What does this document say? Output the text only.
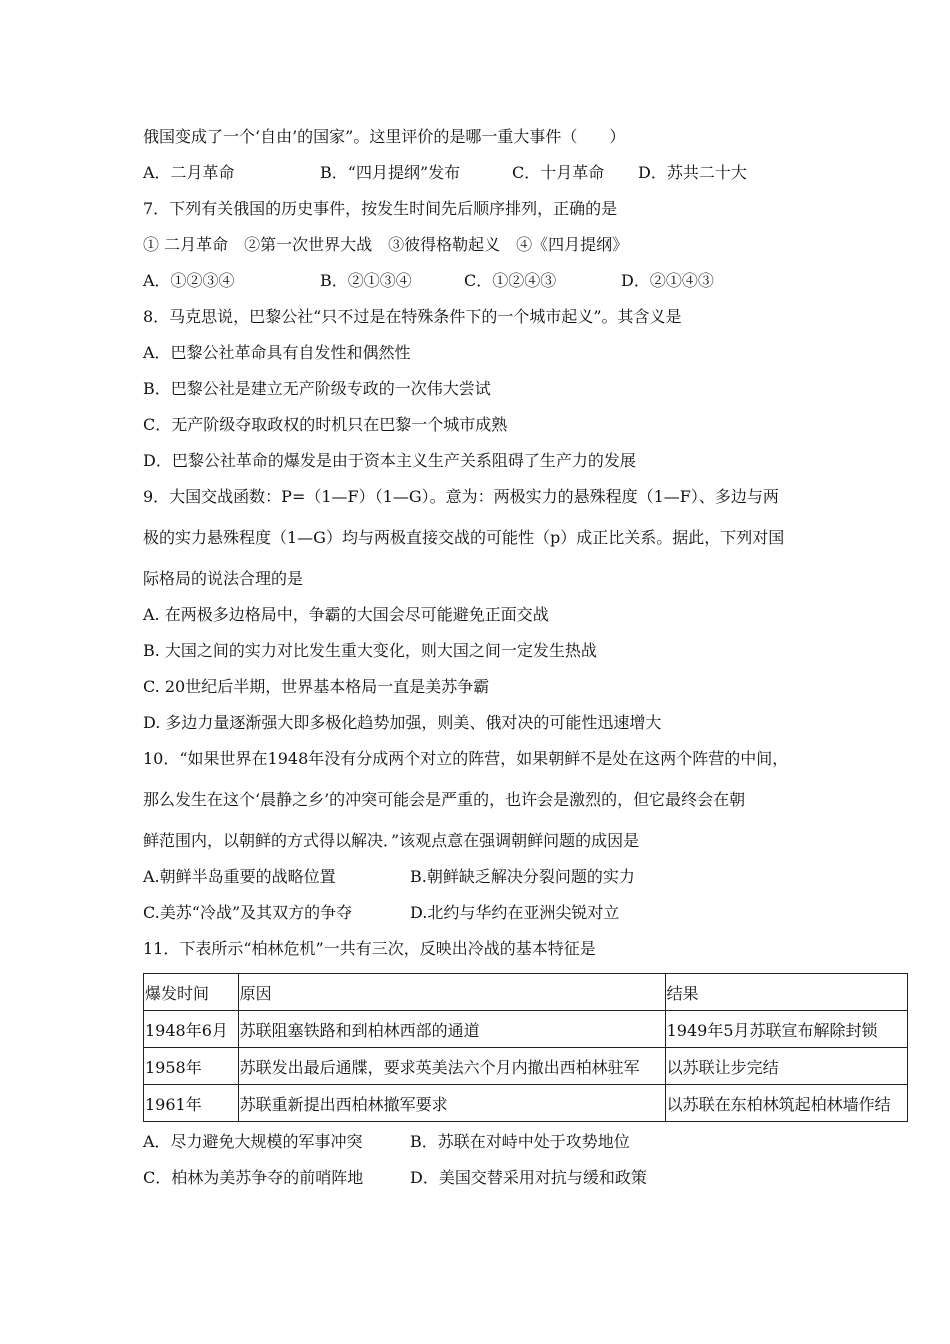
俄国变成了一个‘自由’的国家”。这里评价的是哪一重大事件（　　）
A．二月革命	B．“四月提纲”发布	C．十月革命	D．苏共二十大
7．下列有关俄国的历史事件，按发生时间先后顺序排列，正确的是
① 二月革命　②第一次世界大战　③彼得格勒起义　④《四月提纲》
A．①②③④	B．②①③④	C．①②④③	D．②①④③
8．马克思说，巴黎公社“只不过是在特殊条件下的一个城市起义”。其含义是
A．巴黎公社革命具有自发性和偶然性
B．巴黎公社是建立无产阶级专政的一次伟大尝试
C．无产阶级夺取政权的时机只在巴黎一个城市成熟
D．巴黎公社革命的爆发是由于资本主义生产关系阻碍了生产力的发展
9．大国交战函数：P=（1—F）（1—G）。意为：两极实力的悬殊程度（1—F）、多边与两
极的实力悬殊程度（1—G）均与两极直接交战的可能性（p）成正比关系。据此，下列对国
际格局的说法合理的是
A. 在两极多边格局中，争霸的大国会尽可能避免正面交战
B. 大国之间的实力对比发生重大变化，则大国之间一定发生热战
C. 20世纪后半期，世界基本格局一直是美苏争霸
D. 多边力量逐渐强大即多极化趋势加强，则美、俄对决的可能性迅速增大
10．“如果世界在1948年没有分成两个对立的阵营，如果朝鲜不是处在这两个阵营的中间，
那么发生在这个‘晨静之乡’的冲突可能会是严重的，也许会是激烈的，但它最终会在朝
鲜范围内，以朝鲜的方式得以解决．”该观点意在强调朝鲜问题的成因是
A.朝鲜半岛重要的战略位置	B.朝鲜缺乏解决分裂问题的实力
C.美苏“冷战”及其双方的争夺	D.北约与华约在亚洲尖锐对立
11．下表所示“柏林危机”一共有三次，反映出冷战的基本特征是
爆发时间	原因	结果
1948年6月	苏联阻塞铁路和到柏林西部的通道	1949年5月苏联宣布解除封锁
1958年	苏联发出最后通牒，要求英美法六个月内撤出西柏林驻军	以苏联让步完结
1961年	苏联重新提出西柏林撤军要求	以苏联在东柏林筑起柏林墙作结
A．尽力避免大规模的军事冲突	B．苏联在对峙中处于攻势地位
C．柏林为美苏争夺的前哨阵地	D．美国交替采用对抗与缓和政策
